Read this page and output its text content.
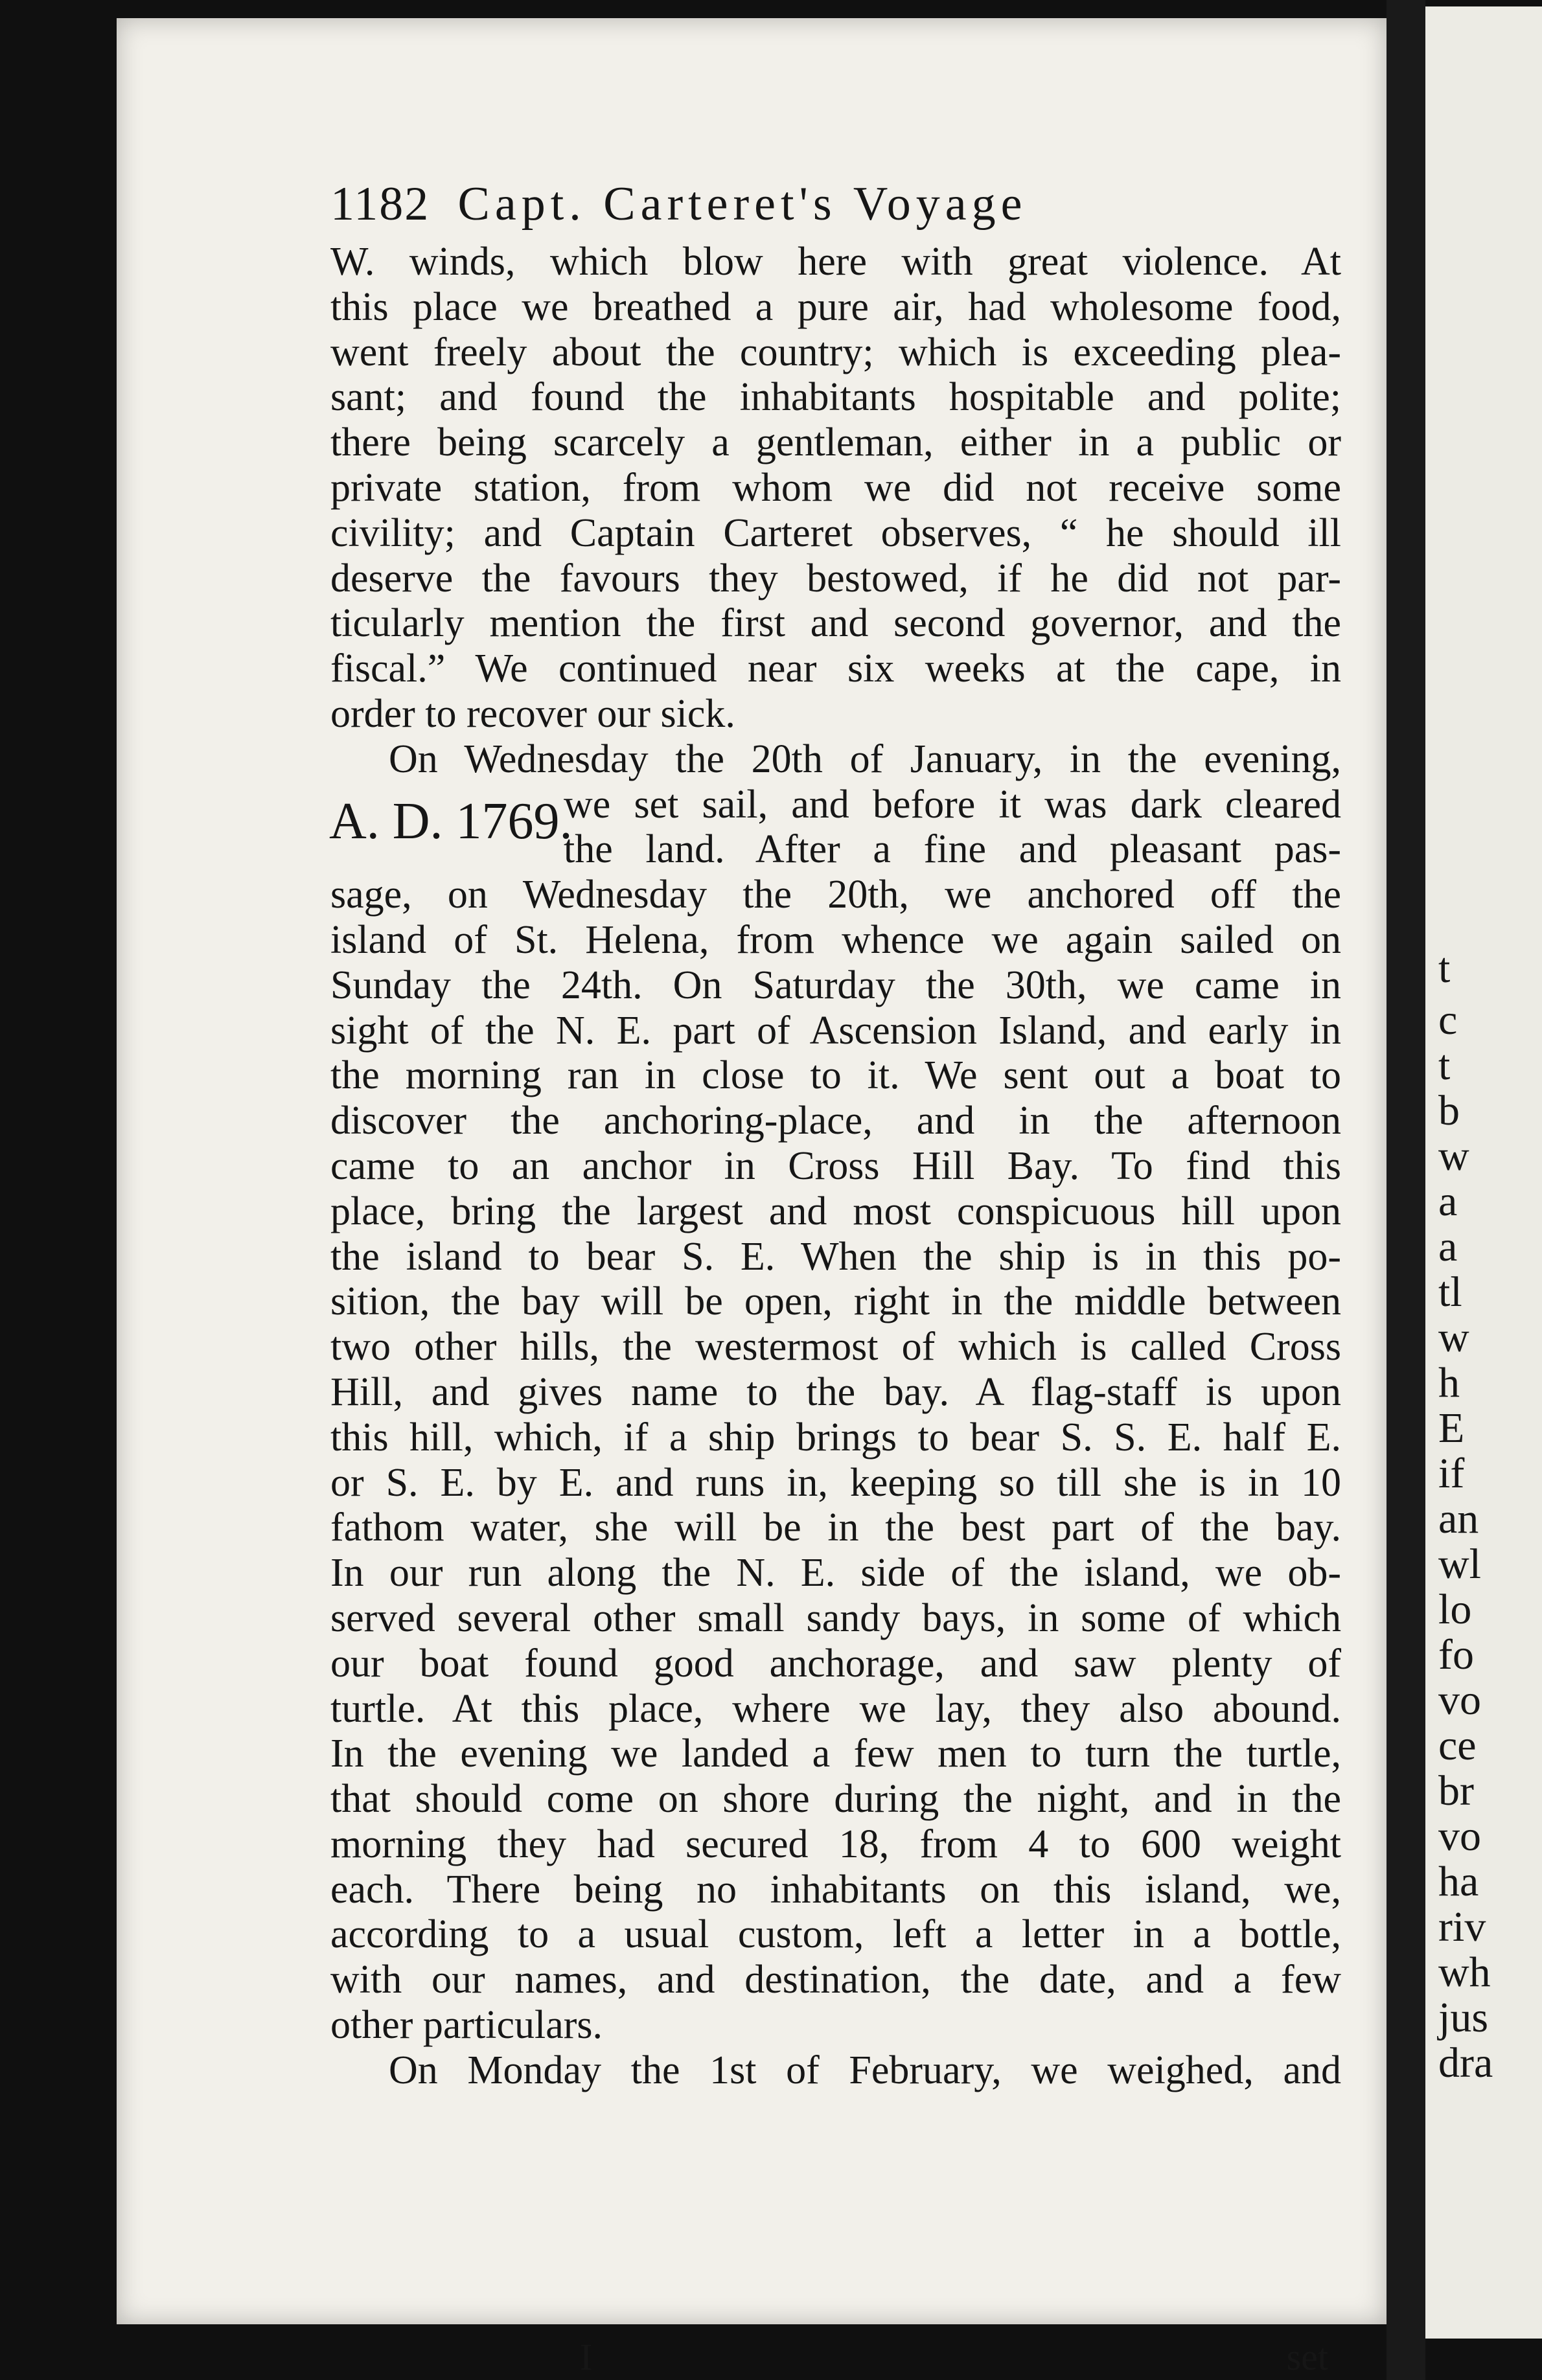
1182 Capt. Carteret's Voyage
W. winds, which blow here with great violence. At
this place we breathed a pure air, had wholesome food,
went freely about the country; which is exceeding plea-
sant; and found the inhabitants hospitable and polite;
there being scarcely a gentleman, either in a public or
private station, from whom we did not receive some
civility; and Captain Carteret observes, “ he should ill
deserve the favours they bestowed, if he did not par-
ticularly mention the first and second governor, and the
fiscal.” We continued near six weeks at the cape, in
order to recover our sick.
On Wednesday the 20th of January, in the evening,
we set sail, and before it was dark cleared
the land. After a fine and pleasant pas-
sage, on Wednesday the 20th, we anchored off the
island of St. Helena, from whence we again sailed on
Sunday the 24th. On Saturday the 30th, we came in
sight of the N. E. part of Ascension Island, and early in
the morning ran in close to it. We sent out a boat to
discover the anchoring-place, and in the afternoon
came to an anchor in Cross Hill Bay. To find this
place, bring the largest and most conspicuous hill upon
the island to bear S. E. When the ship is in this po-
sition, the bay will be open, right in the middle between
two other hills, the westermost of which is called Cross
Hill, and gives name to the bay. A flag-staff is upon
this hill, which, if a ship brings to bear S. S. E. half E.
or S. E. by E. and runs in, keeping so till she is in 10
fathom water, she will be in the best part of the bay.
In our run along the N. E. side of the island, we ob-
served several other small sandy bays, in some of which
our boat found good anchorage, and saw plenty of
turtle. At this place, where we lay, they also abound.
In the evening we landed a few men to turn the turtle,
that should come on shore during the night, and in the
morning they had secured 18, from 4 to 600 weight
each. There being no inhabitants on this island, we,
according to a usual custom, left a letter in a bottle,
with our names, and destination, the date, and a few
other particulars.
On Monday the 1st of February, we weighed, and
A. D. 1769.
I	set
t
c
t
b
w
a
a
tl
w
h
E
if
an
wl
lo
fo
vo
ce
br
vo
ha
riv
wh
jus
dra
